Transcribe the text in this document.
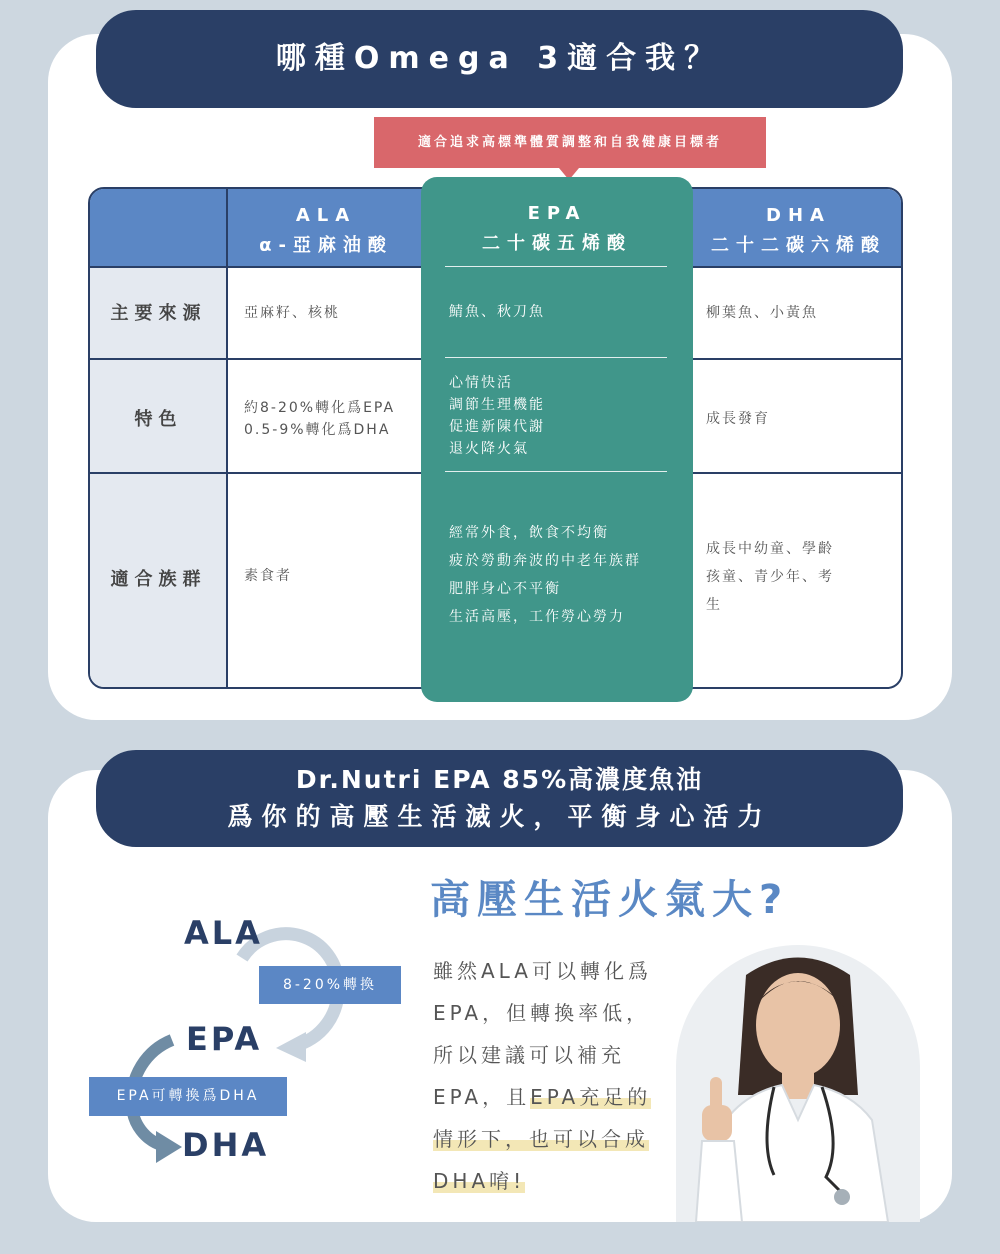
哪種Omega 3適合我？
適合追求高標準體質調整和自我健康目標者
ALA
α-亞麻油酸
DHA
二十二碳六烯酸
主要來源
特色
適合族群
亞麻籽、核桃
約8-20%轉化爲EPA
0.5-9%轉化爲DHA
素食者
柳葉魚、小黃魚
成長發育
成長中幼童、學齡
孩童、青少年、考
生
EPA
二十碳五烯酸
鯖魚、秋刀魚
心情快活
調節生理機能
促進新陳代謝
退火降火氣
經常外食，飲食不均衡
疲於勞動奔波的中老年族群
肥胖身心不平衡
生活高壓，工作勞心勞力
Dr.Nutri EPA 85%高濃度魚油
爲你的高壓生活滅火，平衡身心活力
高壓生活火氣大?
ALA
EPA
DHA
8-20%轉換
EPA可轉換爲DHA
雖然ALA可以轉化爲
EPA，但轉換率低，
所以建議可以補充
EPA，且EPA充足的
情形下，也可以合成
DHA唷!
